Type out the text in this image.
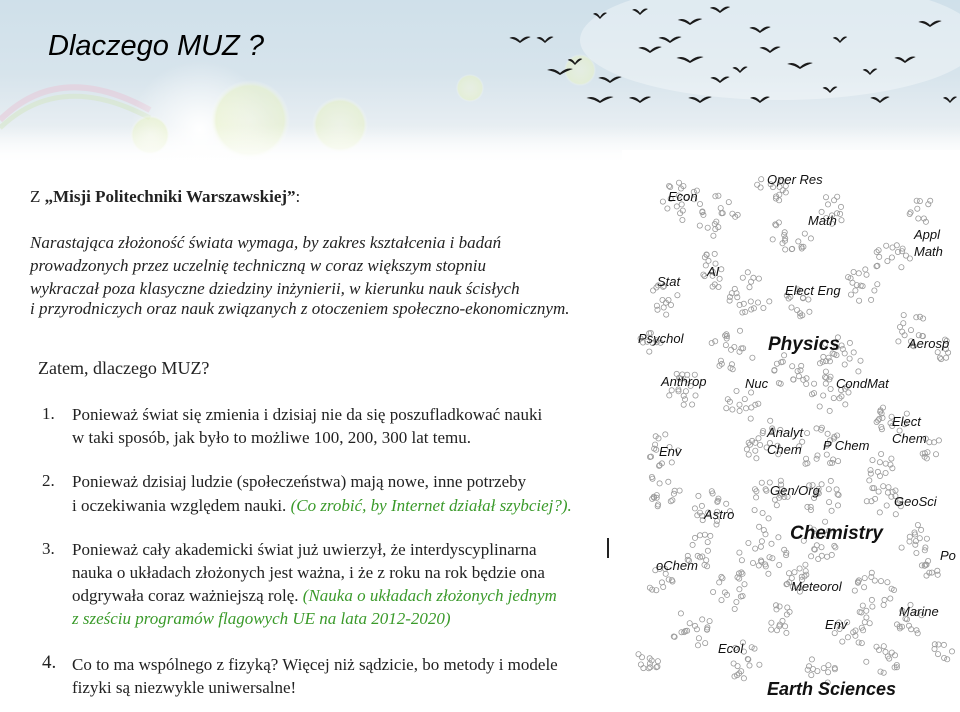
Dlaczego MUZ ?

Z „Misji Politechniki Warszawskiej”:

Narastająca złożoność świata wymaga, by zakres kształcenia i badań

prowadzonych przez uczelnię techniczną w coraz większym stopniu

wykraczał poza klasyczne dziedziny inżynierii, w kierunku nauk ścisłych

i przyrodniczych oraz nauk związanych z otoczeniem społeczno-ekonomicznym.

Zatem, dlaczego MUZ?

1. Ponieważ świat się zmienia i dzisiaj nie da się poszufladkować nauki
w taki sposób, jak było to możliwe 100, 200, 300 lat temu.
2. Ponieważ dzisiaj ludzie (społeczeństwa) mają nowe, inne potrzeby
i oczekiwania względem nauki. (Co zrobić, by Internet działał szybciej?).
3. Ponieważ cały akademicki świat już uwierzył, że interdyscyplinarna
nauka o układach złożonych jest ważna, i że z roku na rok będzie ona
odgrywała coraz ważniejszą rolę. (Nauka o układach złożonych jednym
z sześciu programów flagowych UE na lata 2012-2020)
4. Co to ma wspólnego z fizyką? Więcej niż sądzicie, bo metody i modele
fizyki są niezwykle uniwersalne!
Oper Res
Econ
Math
Appl
Math
AI
Stat
Elect Eng
Psychol	Physics	Aerosp
Anthrop	Nuc	CondMat
Elect
Chem
Analyt
Chem P Chem
Env
Gen/Org
GeoSci
Astro
Chemistry
Po
oChem
Meteorol
Marine
Env
Ecol
Earth Sciences
